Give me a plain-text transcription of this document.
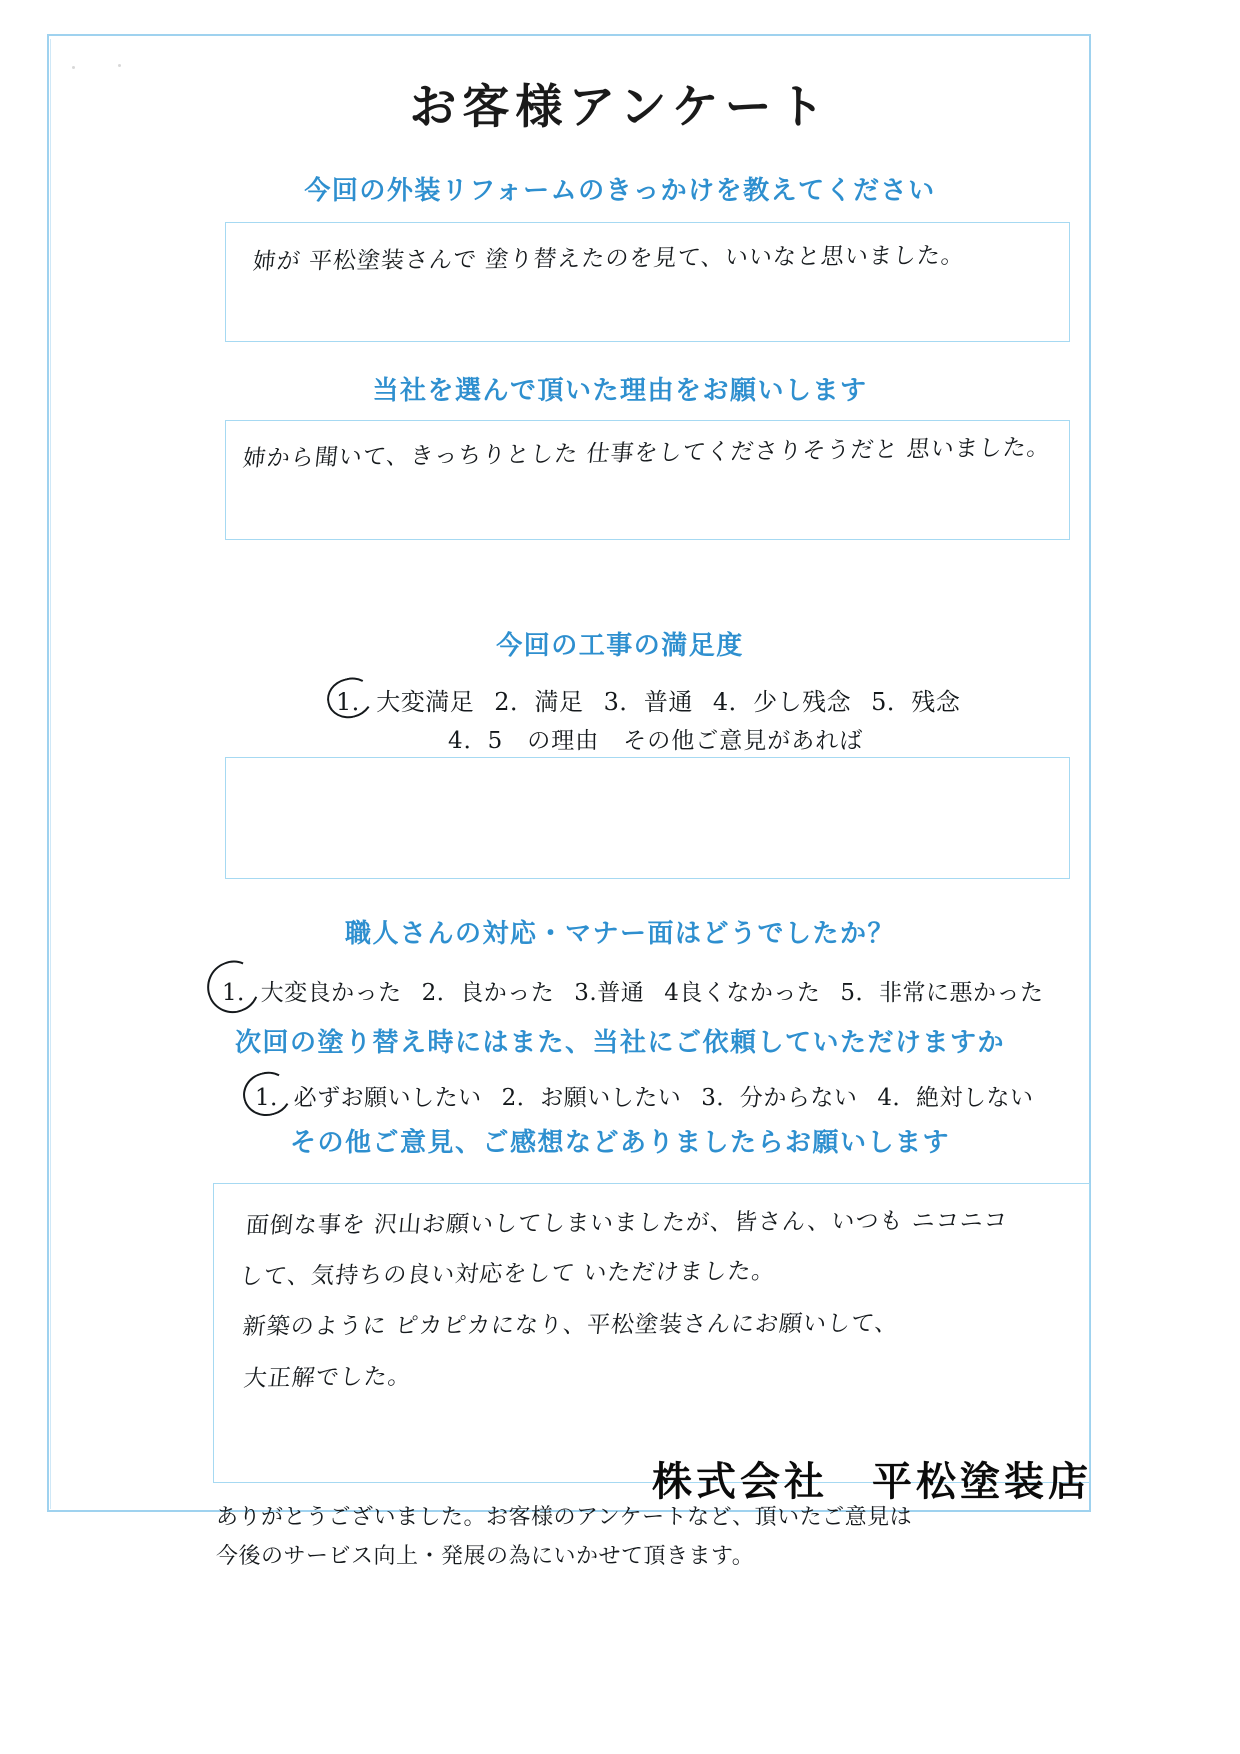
お客様アンケート
今回の外装リフォームのきっかけを教えてください
姉が 平松塗装さんで 塗り替えたのを見て、いいなと思いました。
当社を選んで頂いた理由をお願いします
姉から聞いて、きっちりとした 仕事をしてくださりそうだと 思いました。
今回の工事の満足度
1．大変満足 2．満足 3．普通 4．少し残念 5．残念
4．5　の理由　その他ご意見があれば
職人さんの対応・マナー面はどうでしたか？
1．大変良かった 2．良かった 3.普通 4良くなかった 5．非常に悪かった
次回の塗り替え時にはまた、当社にご依頼していただけますか
1．必ずお願いしたい 2．お願いしたい 3．分からない 4．絶対しない
その他ご意見、ご感想などありましたらお願いします
面倒な事を 沢山お願いしてしまいましたが、皆さん、いつも ニコニコ
して、気持ちの良い対応をして いただけました。
新築のように ピカピカになり、平松塗装さんにお願いして、
大正解でした。
ありがとうございました。お客様のアンケートなど、頂いたご意見は
今後のサービス向上・発展の為にいかせて頂きます。
株式会社　平松塗装店
